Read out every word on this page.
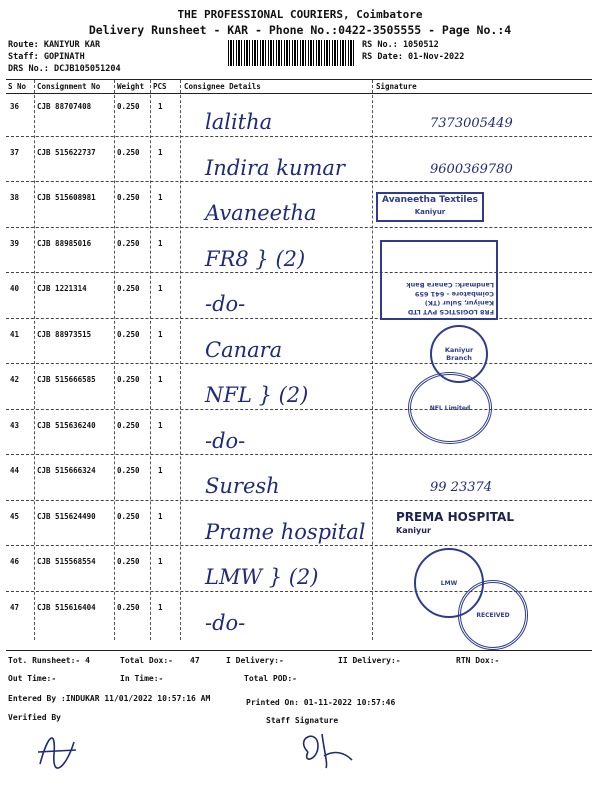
THE PROFESSIONAL COURIERS, Coimbatore
Delivery Runsheet - KAR - Phone No.:0422-3505555 - Page No.:4
Route: KANIYUR KAR
Staff: GOPINATH
DRS No.: DCJB105051204
RS No.: 1050512
RS Date: 01-Nov-2022
S No Consignment No Weight PCS Consignee Details	Signature
36 CJB 88707408	0.250 1
lalitha	7373005449
37 CJB 515622737	0.250 1
Indira kumar	9600369780
38 CJB 515608981	0.250 1
Avaneetha
39 CJB 88985016	0.250 1
FR8 } (2)
40 CJB 1221314	0.250 1
-do-
41 CJB 88973515	0.250 1
Canara
42 CJB 515666585	0.250 1
NFL } (2)
43 CJB 515636240	0.250 1
-do-
44 CJB 515666324	0.250 1
Suresh	99 23374
45 CJB 515624490	0.250 1
Prame hospital
46 CJB 515568554	0.250 1
LMW } (2)
47 CJB 515616404	0.250 1
-do-
Avaneetha Textiles
Kaniyur
FR8 LOGISTICS PVT LTD
Kaniyur, Sulur (TK)
Coimbatore - 641 659
Landmark: Canara Bank
Kaniyur Branch
NFL Limited
PREMA HOSPITAL
Kaniyur
LMW
RECEIVED
Tot. Runsheet:- 4	Total Dox:- 47	I Delivery:-	II Delivery:-	RTN Dox:-
Out Time:-	In Time:-	Total POD:-
Entered By :INDUKAR 11/01/2022 10:57:16 AM	Printed On: 01-11-2022 10:57:46
Verified By	Staff Signature
